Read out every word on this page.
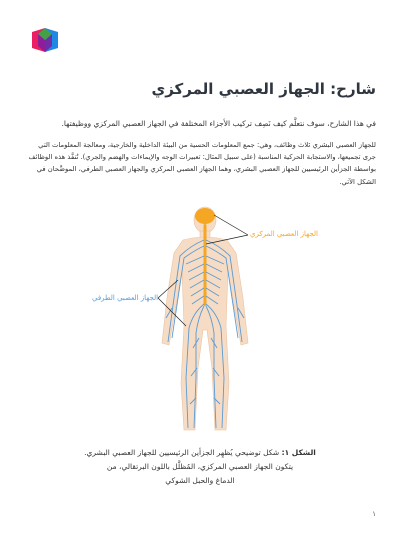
شارح: الجهاز العصبي المركزي

في هذا الشارح، سوف نتعلَّم كيف نَصِف تركيب الأجزاء المختلفة في الجهاز العصبي المركزي ووظيفتها.

للجهاز العصبي البشري ثلاث وظائف، وهي: جمع المعلومات الحسية من البيئة الداخلية والخارجية، ومعالجة المعلومات التي جرى تجميعها، والاستجابة الحركية المناسبة (على سبيل المثال: تعبيرات الوجه والإيماءات والهضم والجري). تُنفَّذ هذه الوظائف بواسطة الجزأين الرئيسيين للجهاز العصبي البشري، وهما الجهاز العصبي المركزي والجهاز العصبي الطرفي، الموضَّحان في الشكل الآتي.

الجهاز العصبي المركزي
الجهاز العصبي الطرفي
الشكل ١: شكل توضيحي يُظهِر الجزأين الرئيسيين للجهاز العصبي البشري.
يتكون الجهاز العصبي المركزي، المُظلَّل باللون البرتقالي، من
الدماغ والحبل الشوكي
١
